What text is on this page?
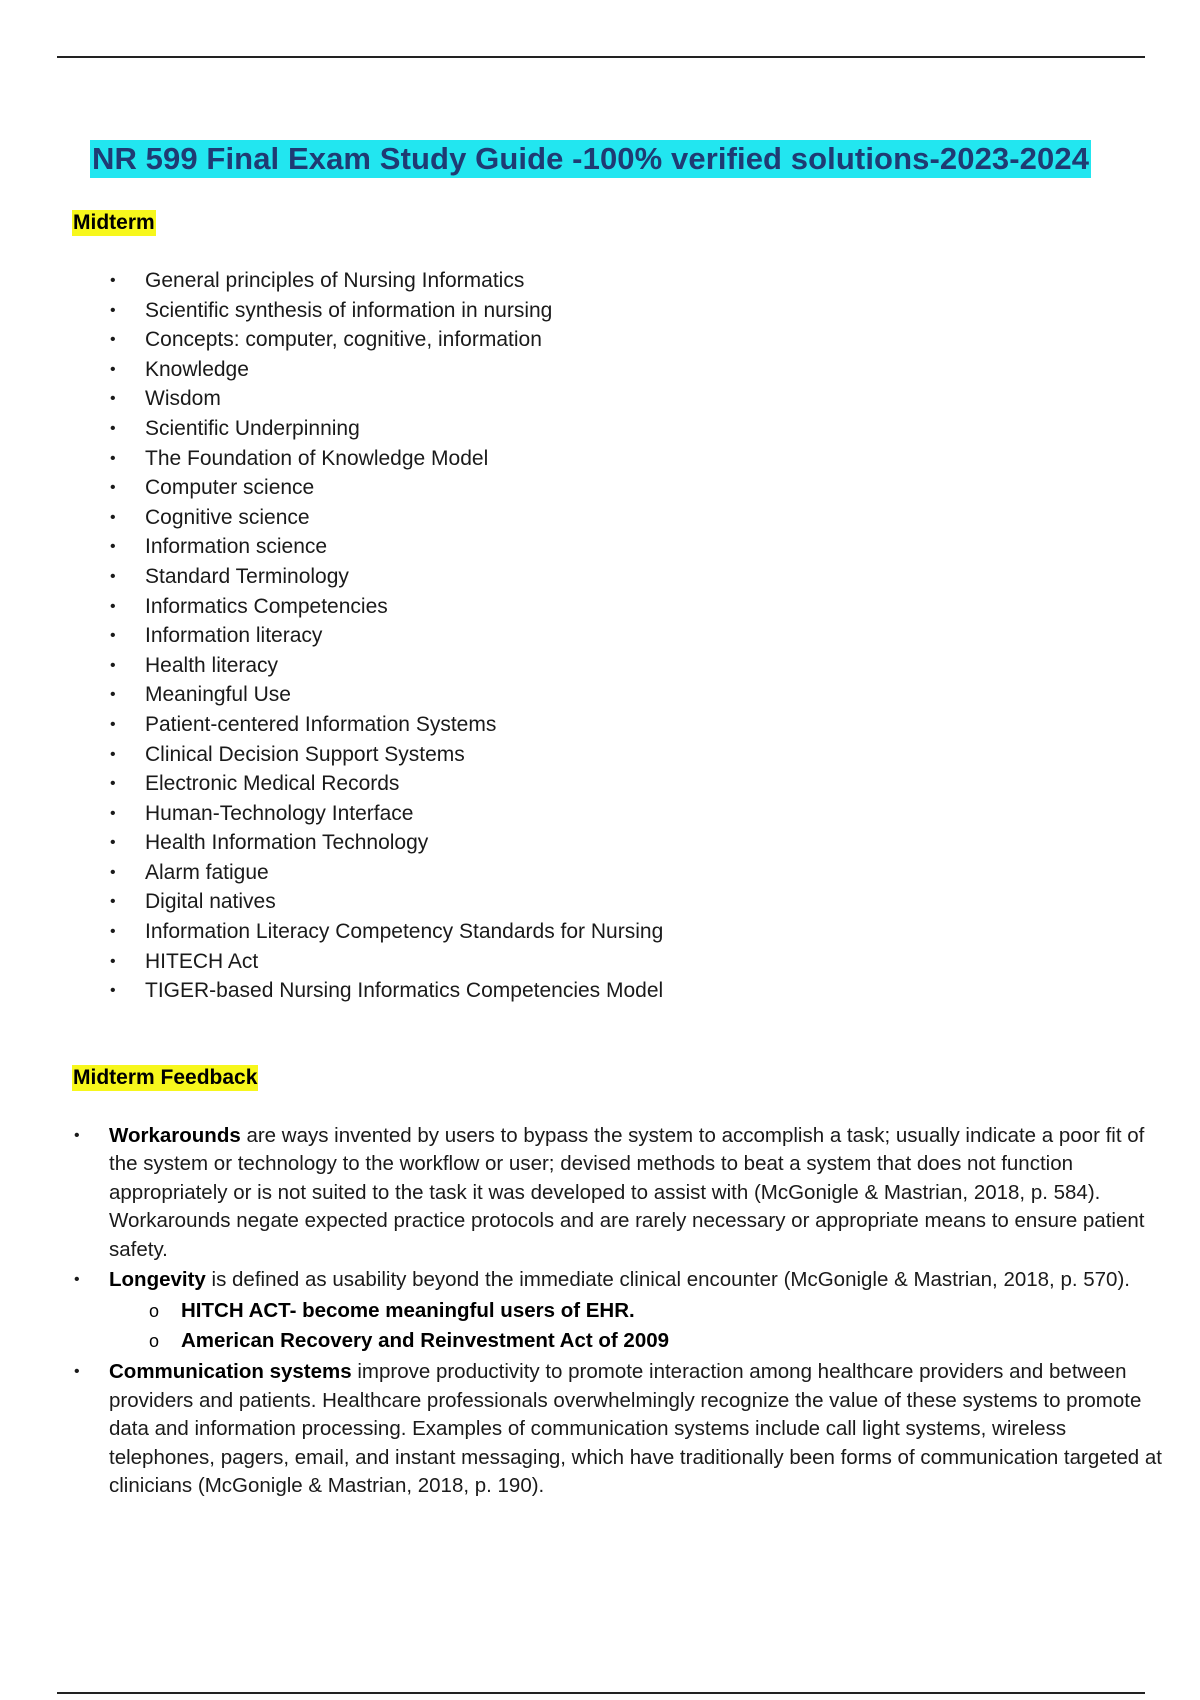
NR 599 Final Exam Study Guide -100% verified solutions-2023-2024
Midterm
• General principles of Nursing Informatics
• Scientific synthesis of information in nursing
• Concepts: computer, cognitive, information
• Knowledge
• Wisdom
• Scientific Underpinning
• The Foundation of Knowledge Model
• Computer science
• Cognitive science
• Information science
• Standard Terminology
• Informatics Competencies
• Information literacy
• Health literacy
• Meaningful Use
• Patient-centered Information Systems
• Clinical Decision Support Systems
• Electronic Medical Records
• Human-Technology Interface
• Health Information Technology
• Alarm fatigue
• Digital natives
• Information Literacy Competency Standards for Nursing
• HITECH Act
• TIGER-based Nursing Informatics Competencies Model
Midterm Feedback
• Workarounds are ways invented by users to bypass the system to accomplish a task; usually indicate a poor fit of the system or technology to the workflow or user; devised methods to beat a system that does not function appropriately or is not suited to the task it was developed to assist with (McGonigle & Mastrian, 2018, p. 584). Workarounds negate expected practice protocols and are rarely necessary or appropriate means to ensure patient safety.
• Longevity is defined as usability beyond the immediate clinical encounter (McGonigle & Mastrian, 2018, p. 570).
o HITCH ACT- become meaningful users of EHR.
o American Recovery and Reinvestment Act of 2009
• Communication systems improve productivity to promote interaction among healthcare providers and between providers and patients. Healthcare professionals overwhelmingly recognize the value of these systems to promote data and information processing. Examples of communication systems include call light systems, wireless telephones, pagers, email, and instant messaging, which have traditionally been forms of communication targeted at clinicians (McGonigle & Mastrian, 2018, p. 190).
